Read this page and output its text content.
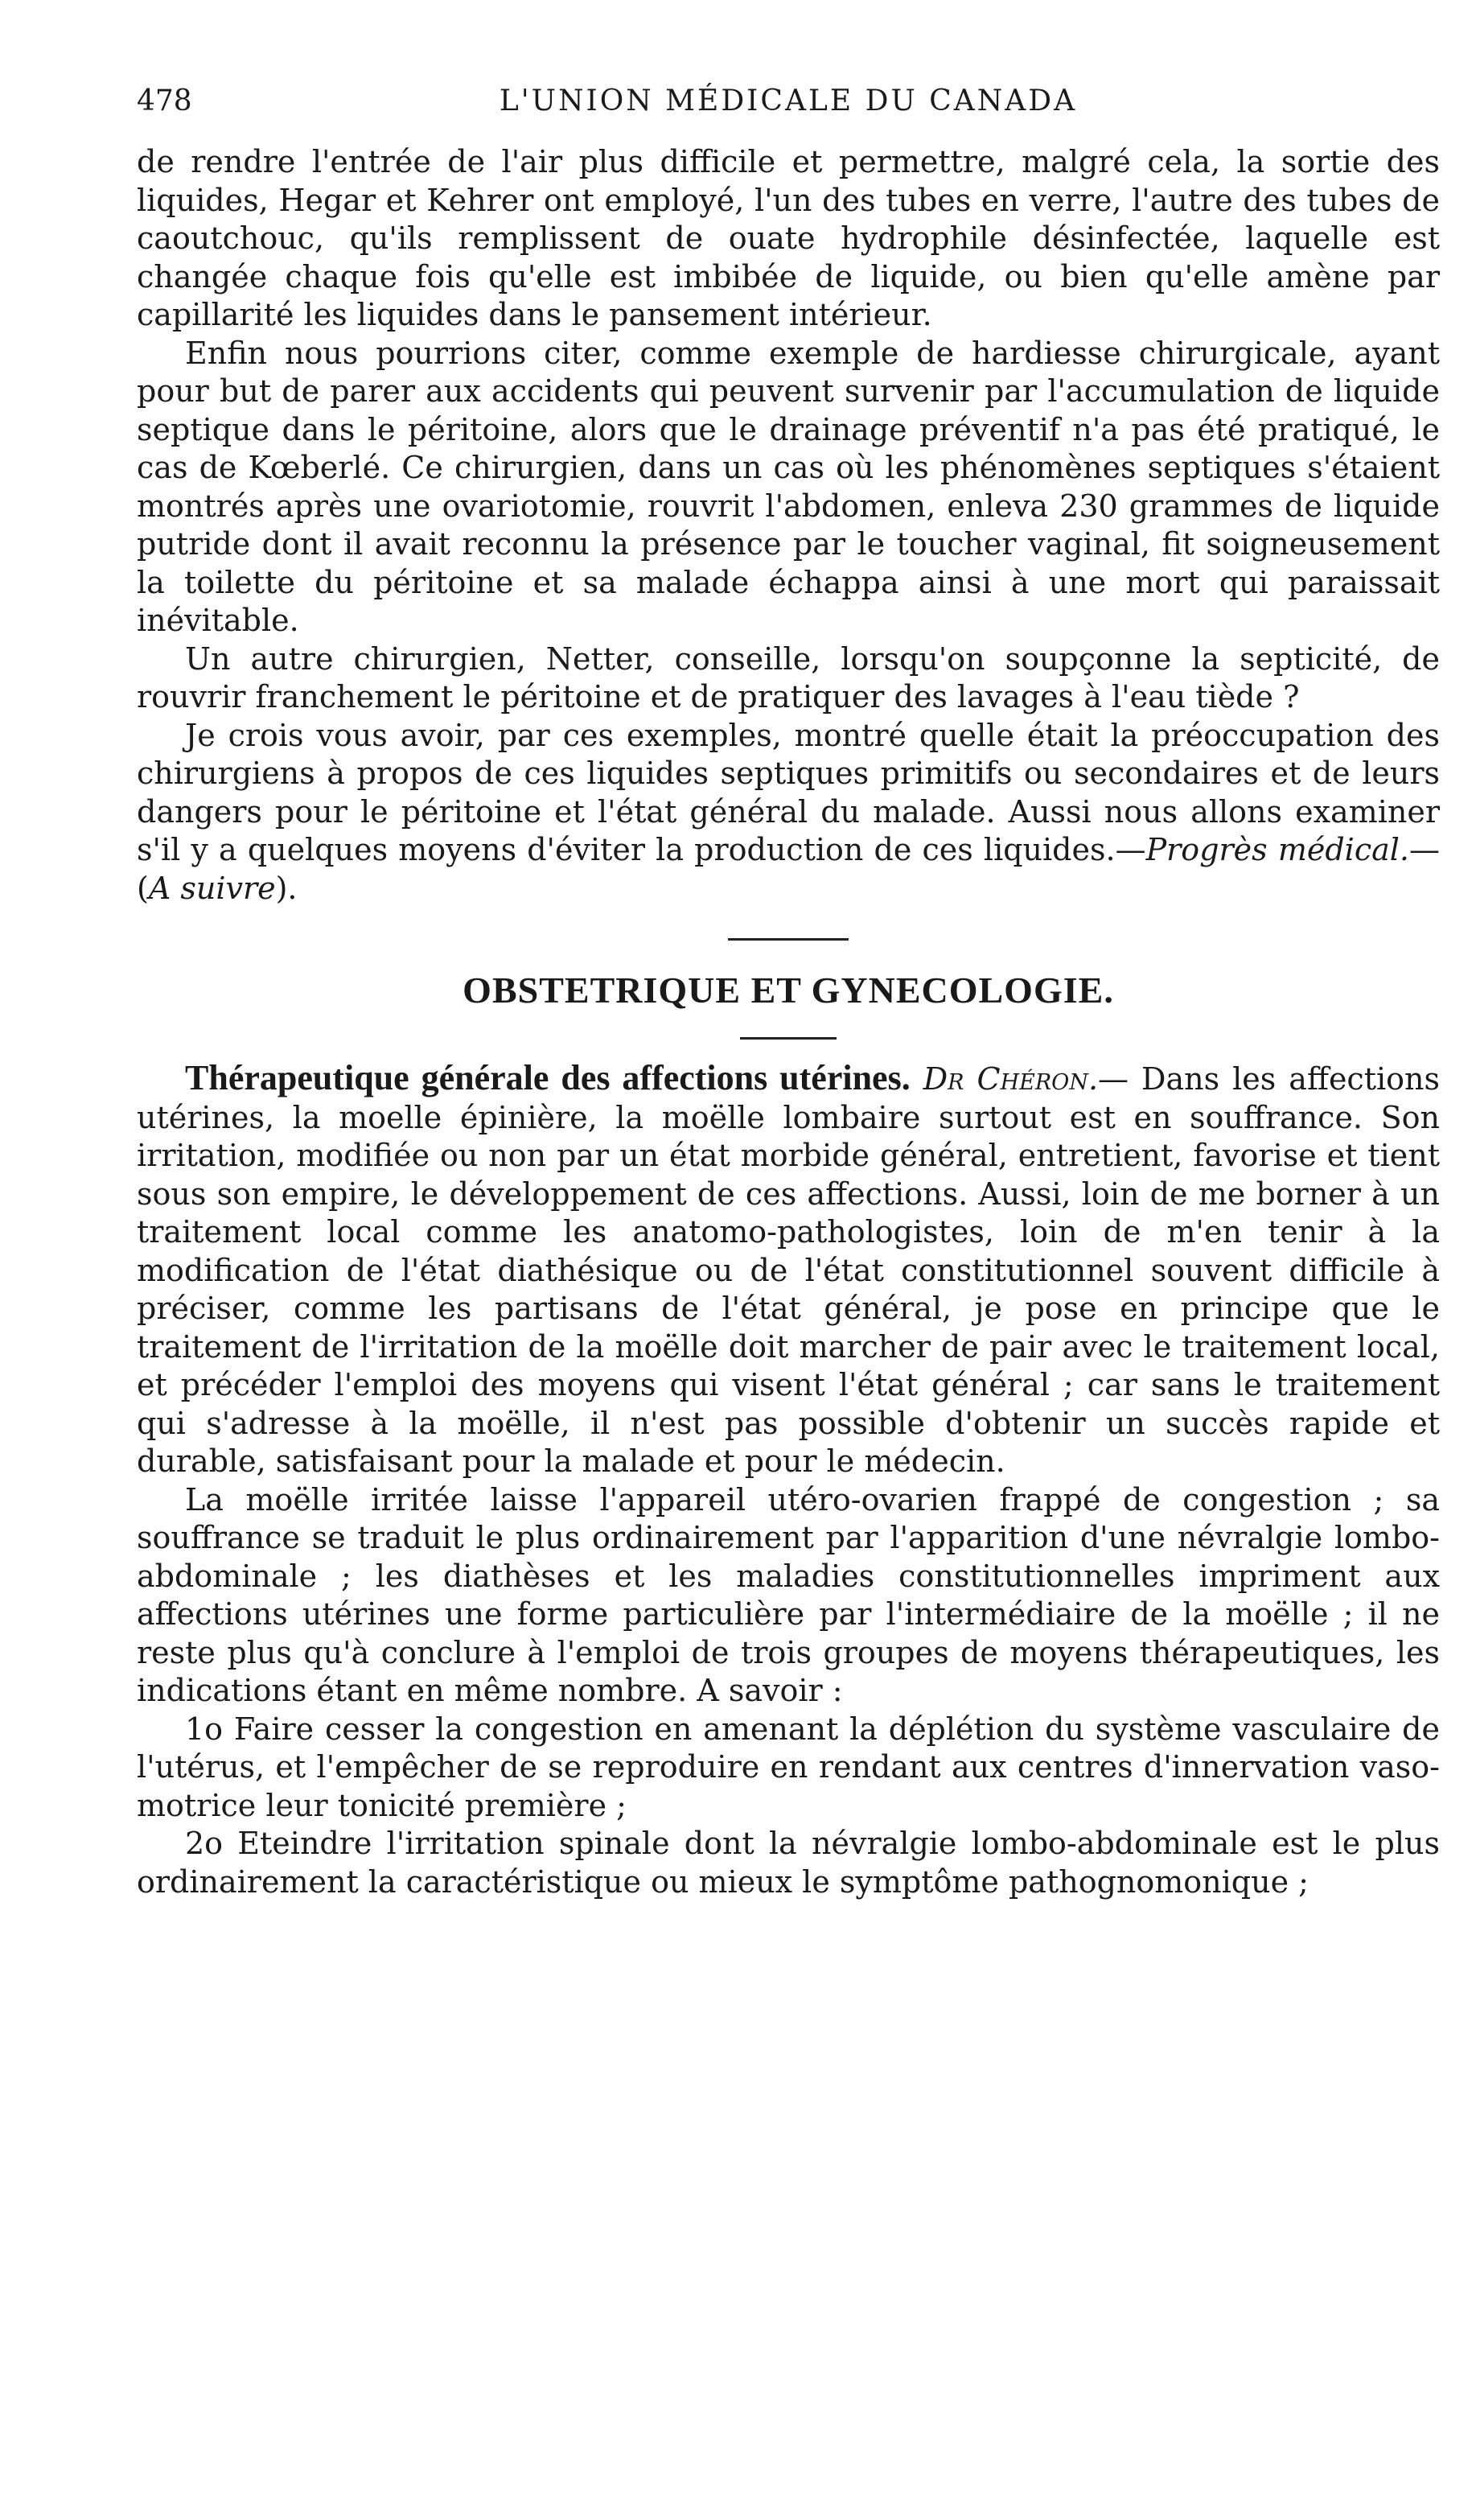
478	L'UNION MÉDICALE DU CANADA

de rendre l'entrée de l'air plus difficile et permettre, malgré cela, la sortie des liquides, Hegar et Kehrer ont employé, l'un des tubes en verre, l'autre des tubes de caoutchouc, qu'ils remplissent de ouate hydrophile désinfectée, laquelle est changée chaque fois qu'elle est imbibée de liquide, ou bien qu'elle amène par capillarité les liquides dans le pansement intérieur.

Enfin nous pourrions citer, comme exemple de hardiesse chirurgicale, ayant pour but de parer aux accidents qui peuvent survenir par l'accumulation de liquide septique dans le péritoine, alors que le drainage préventif n'a pas été pratiqué, le cas de Kœberlé. Ce chirurgien, dans un cas où les phénomènes septiques s'étaient montrés après une ovariotomie, rouvrit l'abdomen, enleva 230 grammes de liquide putride dont il avait reconnu la présence par le toucher vaginal, fit soigneusement la toilette du péritoine et sa malade échappa ainsi à une mort qui paraissait inévitable.

Un autre chirurgien, Netter, conseille, lorsqu'on soupçonne la septicité, de rouvrir franchement le péritoine et de pratiquer des lavages à l'eau tiède ?

Je crois vous avoir, par ces exemples, montré quelle était la préoccupation des chirurgiens à propos de ces liquides septiques primitifs ou secondaires et de leurs dangers pour le péritoine et l'état général du malade. Aussi nous allons examiner s'il y a quelques moyens d'éviter la production de ces liquides.—Progrès médical.—(A suivre).

OBSTETRIQUE ET GYNECOLOGIE.

Thérapeutique générale des affections utérines. Dr Chéron.— Dans les affections utérines, la moelle épinière, la moëlle lombaire surtout est en souffrance. Son irritation, modifiée ou non par un état morbide général, entretient, favorise et tient sous son empire, le développement de ces affections. Aussi, loin de me borner à un traitement local comme les anatomo-pathologistes, loin de m'en tenir à la modification de l'état diathésique ou de l'état constitutionnel souvent difficile à préciser, comme les partisans de l'état général, je pose en principe que le traitement de l'irritation de la moëlle doit marcher de pair avec le traitement local, et précéder l'emploi des moyens qui visent l'état général ; car sans le traitement qui s'adresse à la moëlle, il n'est pas possible d'obtenir un succès rapide et durable, satisfaisant pour la malade et pour le médecin.

La moëlle irritée laisse l'appareil utéro-ovarien frappé de congestion ; sa souffrance se traduit le plus ordinairement par l'apparition d'une névralgie lombo-abdominale ; les diathèses et les maladies constitutionnelles impriment aux affections utérines une forme particulière par l'intermédiaire de la moëlle ; il ne reste plus qu'à conclure à l'emploi de trois groupes de moyens thérapeutiques, les indications étant en même nombre. A savoir :

1o Faire cesser la congestion en amenant la déplétion du système vasculaire de l'utérus, et l'empêcher de se reproduire en rendant aux centres d'innervation vaso-motrice leur tonicité première ;

2o Eteindre l'irritation spinale dont la névralgie lombo-abdominale est le plus ordinairement la caractéristique ou mieux le symptôme pathognomonique ;
